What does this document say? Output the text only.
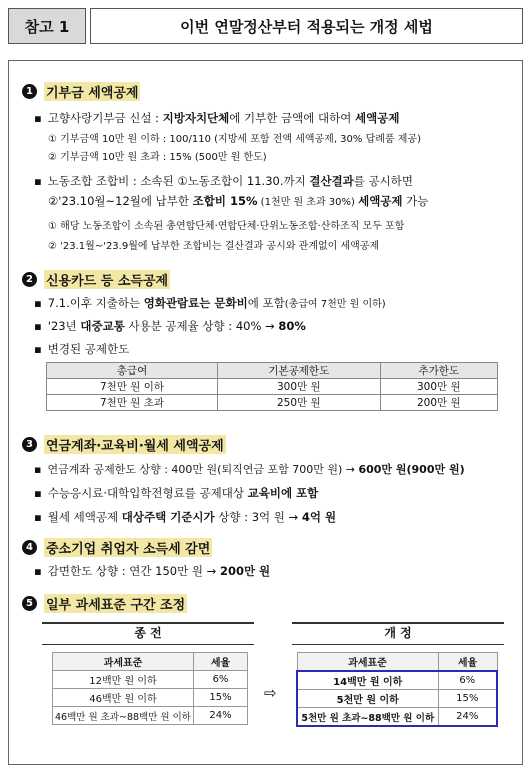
참고 1	이번 연말정산부터 적용되는 개정 세법
1	기부금 세액공제
▪ 고향사랑기부금 신설 : 지방자치단체에 기부한 금액에 대하여 세액공제
① 기부금액 10만 원 이하 : 100/110 (지방세 포함 전액 세액공제, 30% 답례품 제공)
② 기부금액 10만 원 초과 : 15% (500만 원 한도)
▪ 노동조합 조합비 : 소속된 ①노동조합이 11.30.까지 결산결과를 공시하면
②'23.10월~12월에 납부한 조합비 15% (1천만 원 초과 30%) 세액공제 가능
① 해당 노동조합이 소속된 총연합단체·연합단체·단위노동조합·산하조직 모두 포함
② '23.1월~'23.9월에 납부한 조합비는 결산결과 공시와 관계없이 세액공제
2	신용카드 등 소득공제
▪ 7.1.이후 지출하는 영화관람료는 문화비에 포함(총급여 7천만 원 이하)
▪ '23년 대중교통 사용분 공제율 상향 : 40% → 80%
▪ 변경된 공제한도
총급여	기본공제한도	추가한도
7천만 원 이하	300만 원	300만 원
7천만 원 초과	250만 원	200만 원
3	연금계좌·교육비·월세 세액공제
▪ 연금계좌 공제한도 상향 : 400만 원(퇴직연금 포함 700만 원) → 600만 원(900만 원)
▪ 수능응시료·대학입학전형료를 공제대상 교육비에 포함
▪ 월세 세액공제 대상주택 기준시가 상향 : 3억 원 → 4억 원
4	중소기업 취업자 소득세 감면
▪ 감면한도 상향 : 연간 150만 원 → 200만 원
5	일부 과세표준 구간 조정
종 전	개 정
과세표준	세율
12백만 원 이하	6%
46백만 원 이하	15%
46백만 원 초과~88백만 원 이하	24%
⇨
과세표준	세율
14백만 원 이하	6%
5천만 원 이하	15%
5천만 원 초과~88백만 원 이하	24%
